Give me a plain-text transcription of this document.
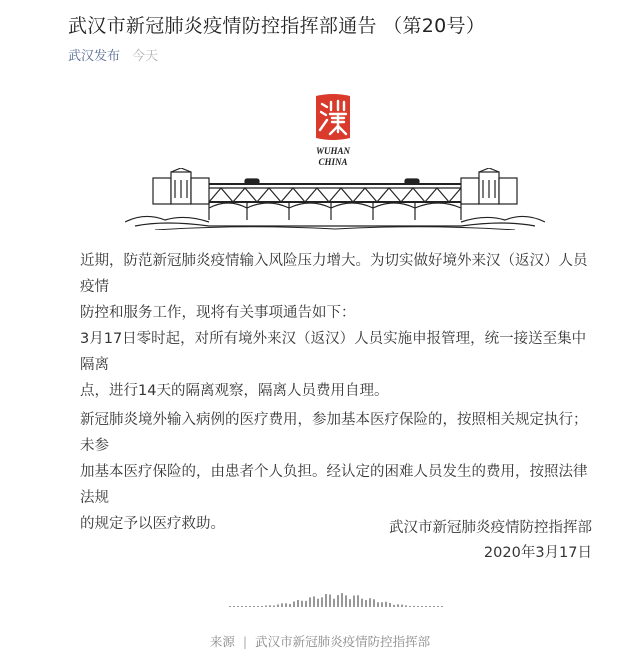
武汉市新冠肺炎疫情防控指挥部通告 （第20号）
武汉发布 今天
WUHAN
CHINA
近期，防范新冠肺炎疫情输入风险压力增大。为切实做好境外来汉（返汉）人员疫情
防控和服务工作，现将有关事项通告如下：
3月17日零时起，对所有境外来汉（返汉）人员实施申报管理，统一接送至集中隔离
点，进行14天的隔离观察，隔离人员费用自理。
新冠肺炎境外输入病例的医疗费用，参加基本医疗保险的，按照相关规定执行；未参
加基本医疗保险的，由患者个人负担。经认定的困难人员发生的费用，按照法律法规
的规定予以医疗救助。	武汉市新冠肺炎疫情防控指挥部
2020年3月17日
来源 | 武汉市新冠肺炎疫情防控指挥部
